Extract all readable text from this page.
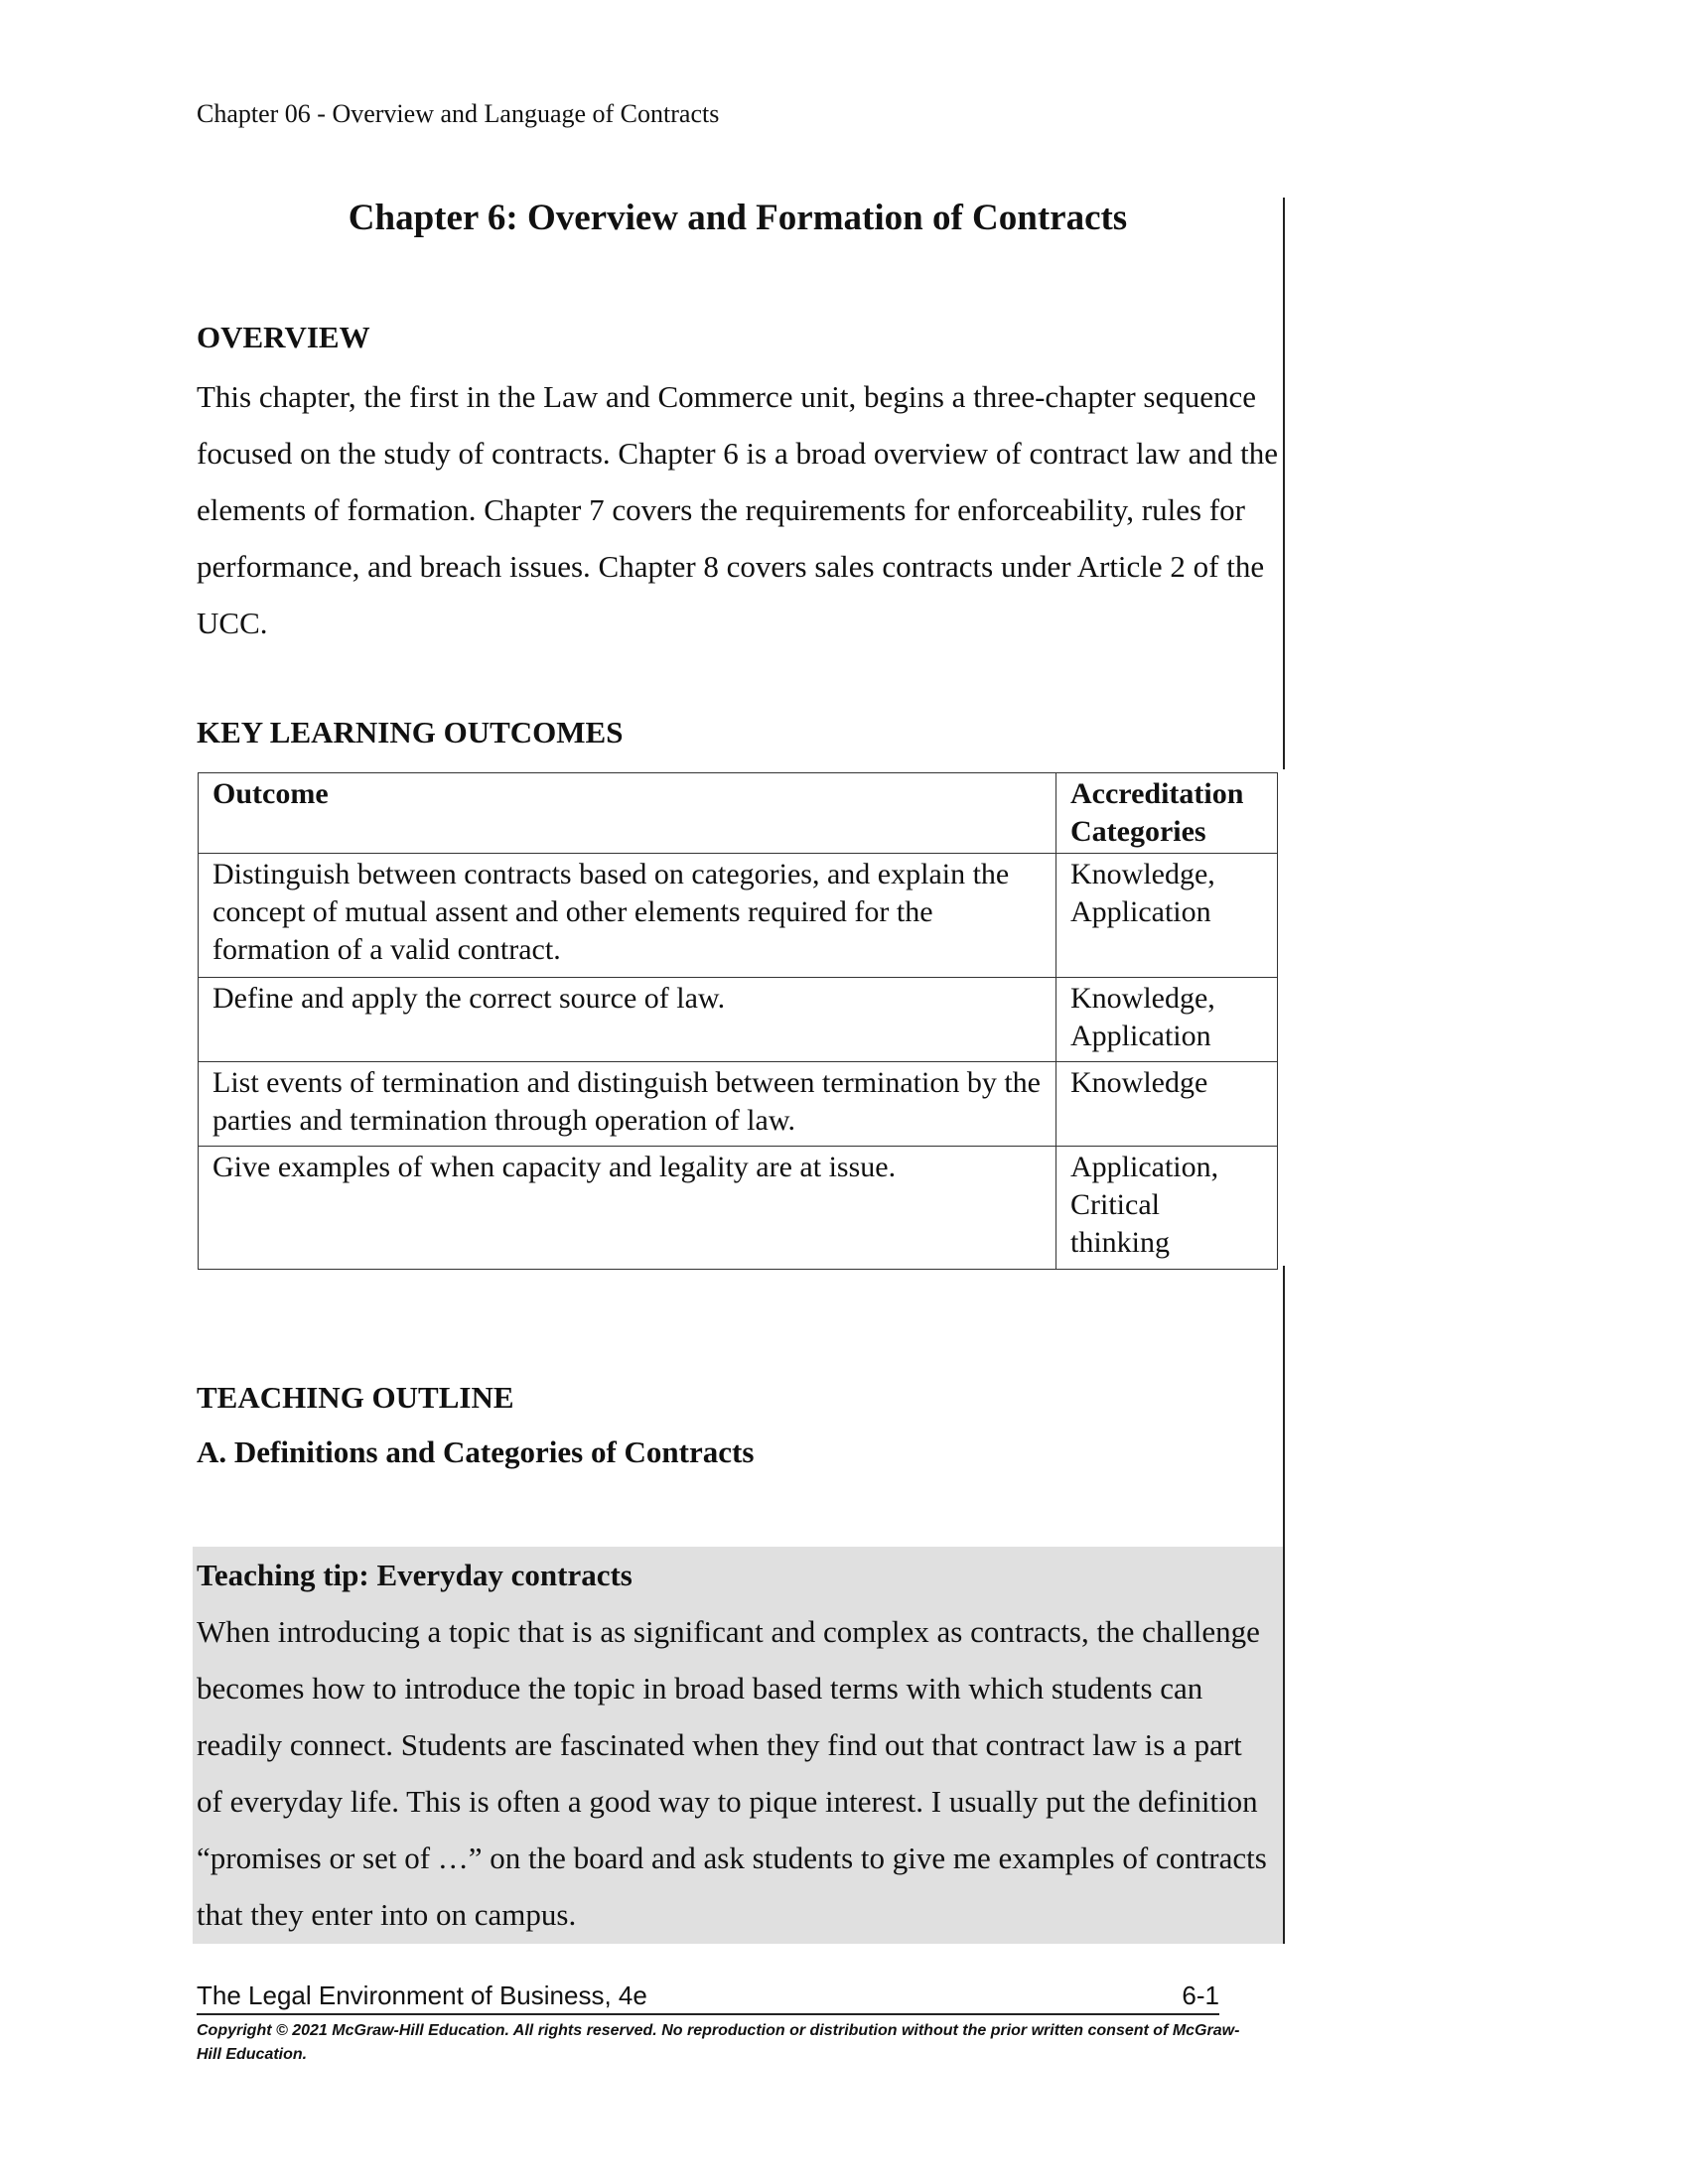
Chapter 06 - Overview and Language of Contracts
Chapter 6: Overview and Formation of Contracts
OVERVIEW
This chapter, the first in the Law and Commerce unit, begins a three-chapter sequence focused on the study of contracts. Chapter 6 is a broad overview of contract law and the elements of formation. Chapter 7 covers the requirements for enforceability, rules for performance, and breach issues. Chapter 8 covers sales contracts under Article 2 of the UCC.
KEY LEARNING OUTCOMES
Outcome	Accreditation Categories
Distinguish between contracts based on categories, and explain the concept of mutual assent and other elements required for the formation of a valid contract.	Knowledge, Application
Define and apply the correct source of law.	Knowledge, Application
List events of termination and distinguish between termination by the parties and termination through operation of law.	Knowledge
Give examples of when capacity and legality are at issue.	Application, Critical thinking
TEACHING OUTLINE
A. Definitions and Categories of Contracts
Teaching tip: Everyday contracts
When introducing a topic that is as significant and complex as contracts, the challenge becomes how to introduce the topic in broad based terms with which students can readily connect. Students are fascinated when they find out that contract law is a part of everyday life. This is often a good way to pique interest. I usually put the definition “promises or set of …” on the board and ask students to give me examples of contracts that they enter into on campus.
The Legal Environment of Business, 4e	6-1
Copyright © 2021 McGraw-Hill Education. All rights reserved. No reproduction or distribution without the prior written consent of McGraw-Hill Education.
